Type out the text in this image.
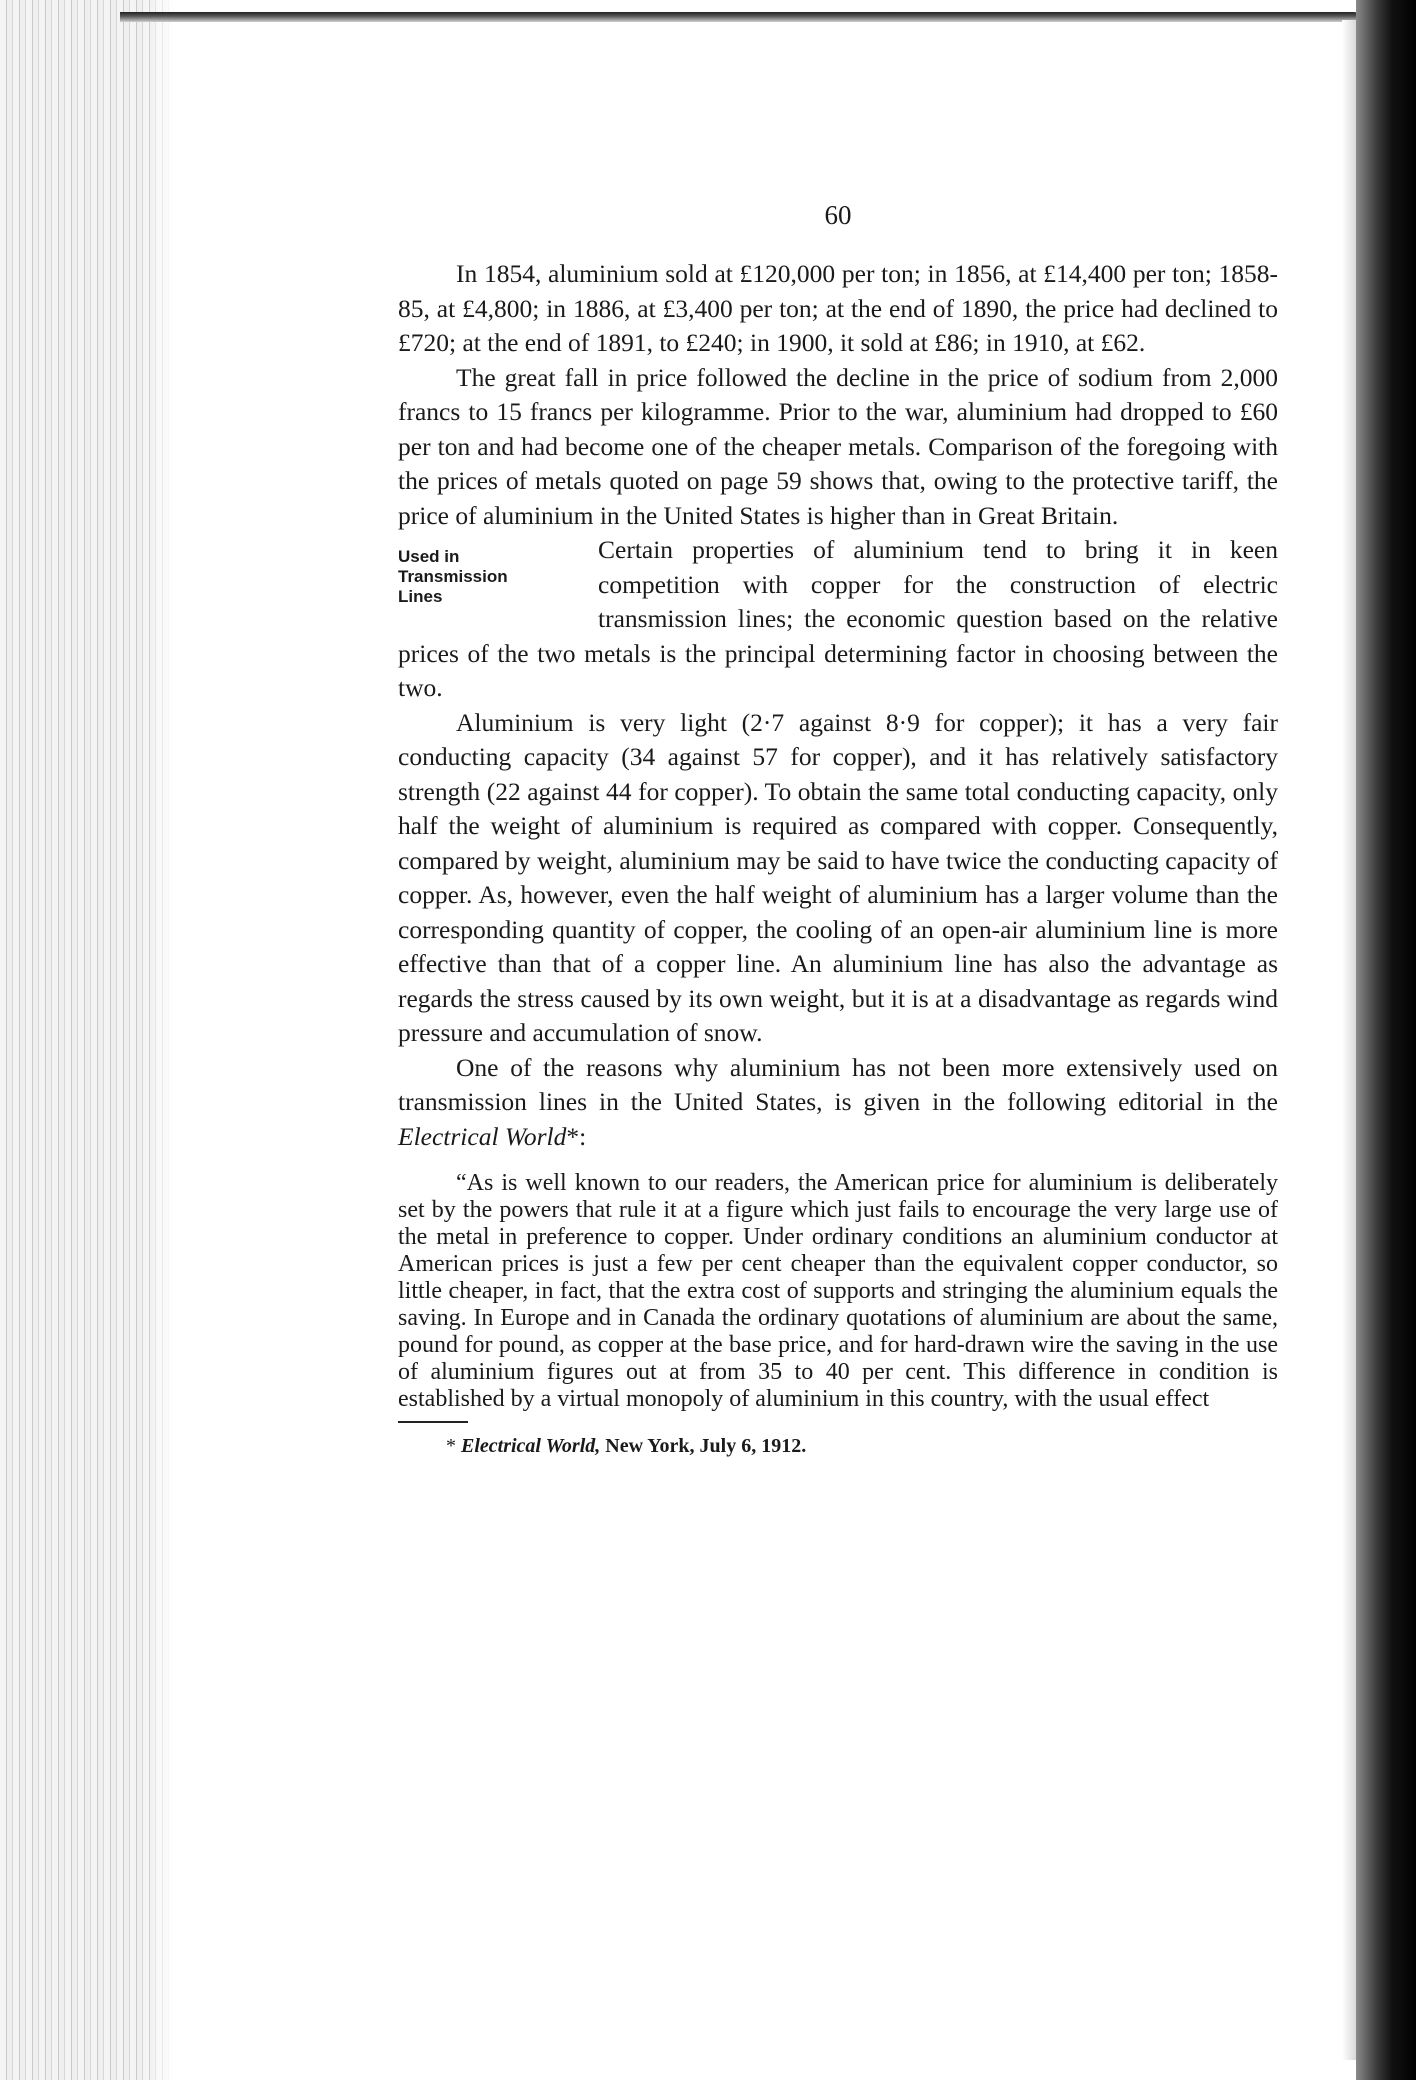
60

In 1854, aluminium sold at £120,000 per ton; in 1856, at £14,400 per ton; 1858-85, at £4,800; in 1886, at £3,400 per ton; at the end of 1890, the price had declined to £720; at the end of 1891, to £240; in 1900, it sold at £86; in 1910, at £62.

The great fall in price followed the decline in the price of sodium from 2,000 francs to 15 francs per kilogramme. Prior to the war, aluminium had dropped to £60 per ton and had become one of the cheaper metals. Comparison of the foregoing with the prices of metals quoted on page 59 shows that, owing to the protective tariff, the price of aluminium in the United States is higher than in Great Britain.

Used in
Transmission
Lines

Certain properties of aluminium tend to bring it in keen competition with copper for the construction of electric transmission lines; the economic question based on the relative prices of the two metals is the principal determining factor in choosing between the two.

Aluminium is very light (2·7 against 8·9 for copper); it has a very fair conducting capacity (34 against 57 for copper), and it has relatively satisfactory strength (22 against 44 for copper). To obtain the same total conducting capacity, only half the weight of aluminium is required as compared with copper. Consequently, compared by weight, aluminium may be said to have twice the conducting capacity of copper. As, however, even the half weight of aluminium has a larger volume than the corresponding quantity of copper, the cooling of an open-air aluminium line is more effective than that of a copper line. An aluminium line has also the advantage as regards the stress caused by its own weight, but it is at a disadvantage as regards wind pressure and accumulation of snow.

One of the reasons why aluminium has not been more extensively used on transmission lines in the United States, is given in the following editorial in the Electrical World*:

“As is well known to our readers, the American price for aluminium is deliberately set by the powers that rule it at a figure which just fails to encourage the very large use of the metal in preference to copper. Under ordinary conditions an aluminium conductor at American prices is just a few per cent cheaper than the equivalent copper conductor, so little cheaper, in fact, that the extra cost of supports and stringing the aluminium equals the saving. In Europe and in Canada the ordinary quotations of aluminium are about the same, pound for pound, as copper at the base price, and for hard-drawn wire the saving in the use of aluminium figures out at from 35 to 40 per cent. This difference in condition is established by a virtual monopoly of aluminium in this country, with the usual effect

* Electrical World, New York, July 6, 1912.
